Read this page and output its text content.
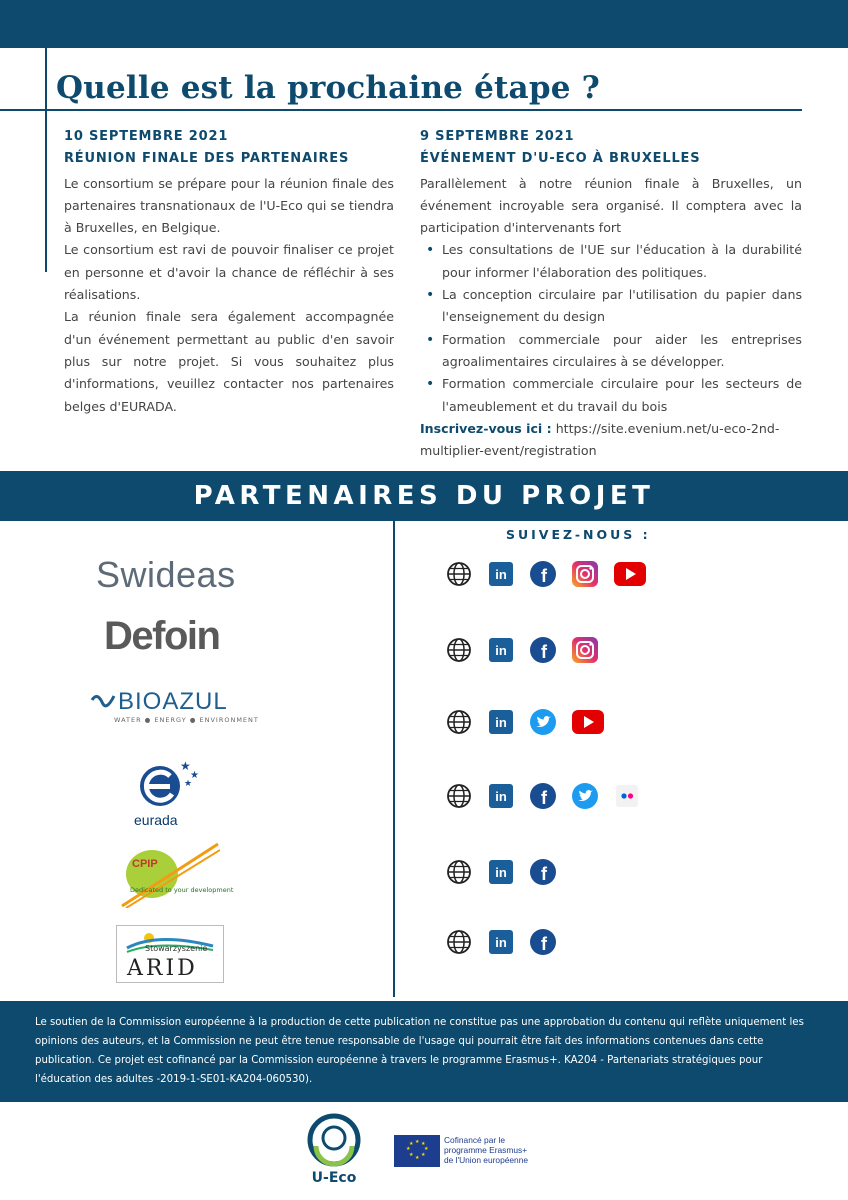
Quelle est la prochaine étape ?
10 SEPTEMBRE 2021
RÉUNION FINALE DES PARTENAIRES

Le consortium se prépare pour la réunion finale des partenaires transnationaux de l'U-Eco qui se tiendra à Bruxelles, en Belgique.

Le consortium est ravi de pouvoir finaliser ce projet en personne et d'avoir la chance de réfléchir à ses réalisations.

La réunion finale sera également accompagnée d'un événement permettant au public d'en savoir plus sur notre projet. Si vous souhaitez plus d'informations, veuillez contacter nos partenaires belges d'EURADA.

9 SEPTEMBRE 2021
ÉVÉNEMENT D'U-ECO À BRUXELLES

Parallèlement à notre réunion finale à Bruxelles, un événement incroyable sera organisé. Il comptera avec la participation d'intervenants fort

• Les consultations de l'UE sur l'éducation à la durabilité pour informer l'élaboration des politiques.
• La conception circulaire par l'utilisation du papier dans l'enseignement du design
• Formation commerciale pour aider les entreprises agroalimentaires circulaires à se développer.
• Formation commerciale circulaire pour les secteurs de l'ameublement et du travail du bois

Inscrivez-vous ici : https://site.evenium.net/u-eco-2nd-multiplier-event/registration

PARTENAIRES DU PROJET
SUIVEZ-NOUS :
Swideas
Defoin
BIOAZUL
WATER ● ENERGY ● ENVIRONMENT
★
★
★
eurada
CPIP
Dedicated to your development
Stowarzyszenie
ARID
in f
in f
in
in f
in f
in f

Le soutien de la Commission européenne à la production de cette publication ne constitue pas une approbation du contenu qui reflète uniquement les opinions des auteurs, et la Commission ne peut être tenue responsable de l'usage qui pourrait être fait des informations contenues dans cette publication. Ce projet est cofinancé par la Commission européenne à travers le programme Erasmus+. KA204 - Partenariats stratégiques pour l'éducation des adultes -2019-1-SE01-KA204-060530).

U-Eco
★ ★
★
★
★
★
★
★	Cofinancé par le
programme Erasmus+
de l'Union européenne
